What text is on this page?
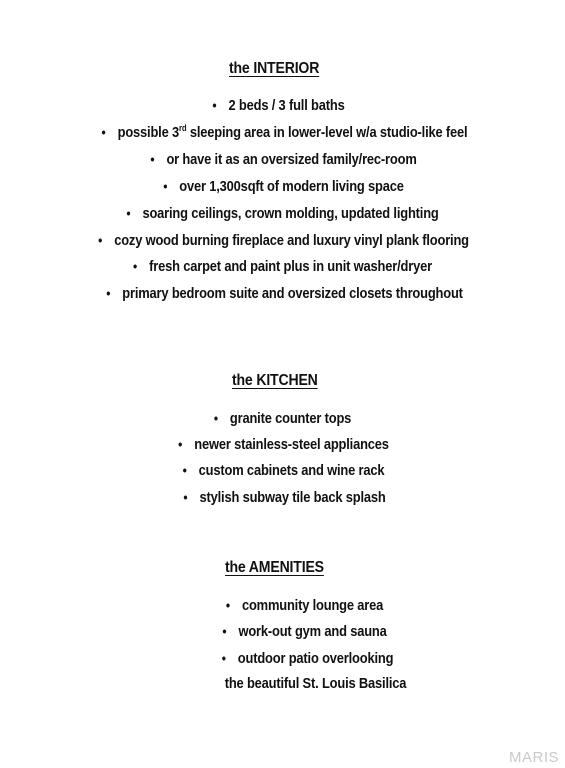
the INTERIOR
• 2 beds / 3 full baths
• possible 3rd sleeping area in lower-level w/a studio-like feel
• or have it as an oversized family/rec-room
• over 1,300sqft of modern living space
• soaring ceilings, crown molding, updated lighting
• cozy wood burning fireplace and luxury vinyl plank flooring
• fresh carpet and paint plus in unit washer/dryer
• primary bedroom suite and oversized closets throughout
the KITCHEN
• granite counter tops
• newer stainless-steel appliances
• custom cabinets and wine rack
• stylish subway tile back splash
the AMENITIES
• community lounge area
• work-out gym and sauna
• outdoor patio overlooking
the beautiful St. Louis Basilica
MARIS
